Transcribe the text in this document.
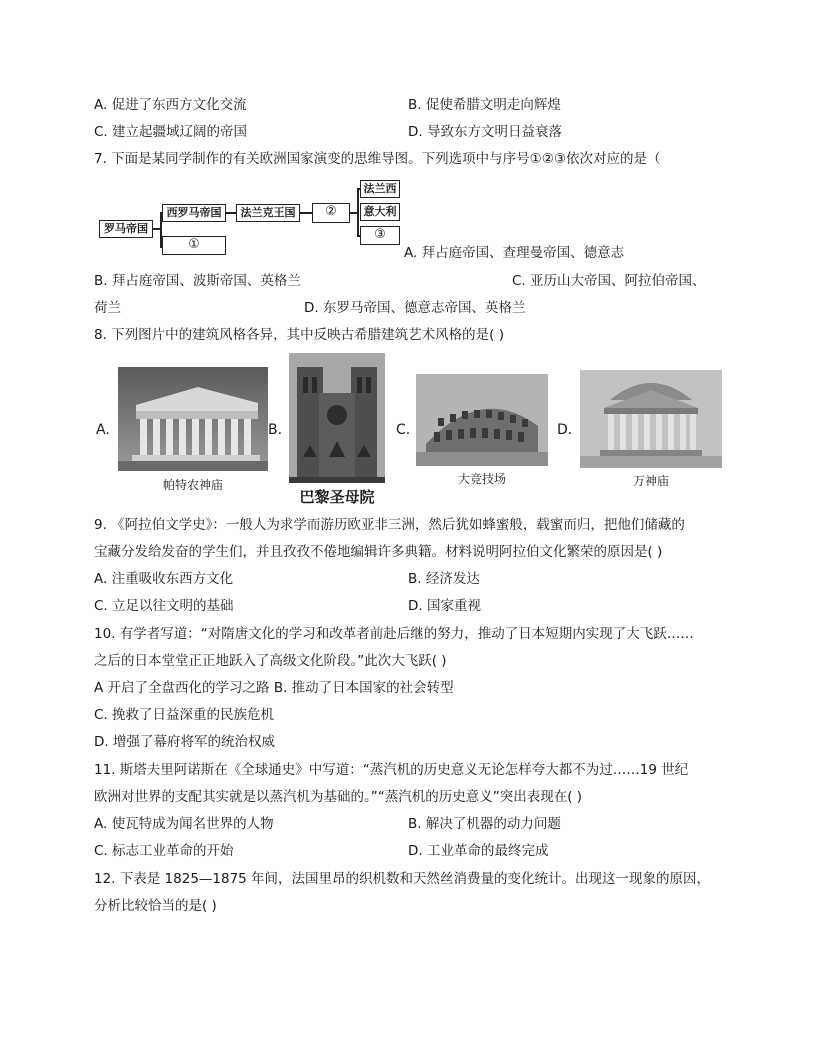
A. 促进了东西方文化交流	B. 促使希腊文明走向辉煌
C. 建立起疆域辽阔的帝国	D. 导致东方文明日益衰落
7. 下面是某同学制作的有关欧洲国家演变的思维导图。下列选项中与序号①②③依次对应的是（
罗马帝国
西罗马帝国
①
法兰克王国	②
法兰西
意大利
③
A. 拜占庭帝国、查理曼帝国、德意志
B. 拜占庭帝国、波斯帝国、英格兰	C. 亚历山大帝国、阿拉伯帝国、
荷兰	D. 东罗马帝国、德意志帝国、英格兰
8. 下列图片中的建筑风格各异，其中反映古希腊建筑艺术风格的是( )
A.
帕特农神庙
B.
巴黎圣母院
C.
大竞技场
D.
万神庙
9. 《阿拉伯文学史》：一般人为求学而游历欧亚非三洲，然后犹如蜂蜜般，载蜜而归，把他们储藏的
宝藏分发给发奋的学生们，并且孜孜不倦地编辑许多典籍。材料说明阿拉伯文化繁荣的原因是( )
A. 注重吸收东西方文化	B. 经济发达
C. 立足以往文明的基础	D. 国家重视
10. 有学者写道：“对隋唐文化的学习和改革者前赴后继的努力，推动了日本短期内实现了大飞跃……
之后的日本堂堂正正地跃入了高级文化阶段。”此次大飞跃( )
A 开启了全盘西化的学习之路 B. 推动了日本国家的社会转型
C. 挽救了日益深重的民族危机
D. 增强了幕府将军的统治权威
11. 斯塔夫里阿诺斯在《全球通史》中写道：“蒸汽机的历史意义无论怎样夸大都不为过……19 世纪
欧洲对世界的支配其实就是以蒸汽机为基础的。”“蒸汽机的历史意义”突出表现在( )
A. 使瓦特成为闻名世界的人物	B. 解决了机器的动力问题
C. 标志工业革命的开始	D. 工业革命的最终完成
12. 下表是 1825—1875 年间，法国里昂的织机数和天然丝消费量的变化统计。出现这一现象的原因，
分析比较恰当的是( )
